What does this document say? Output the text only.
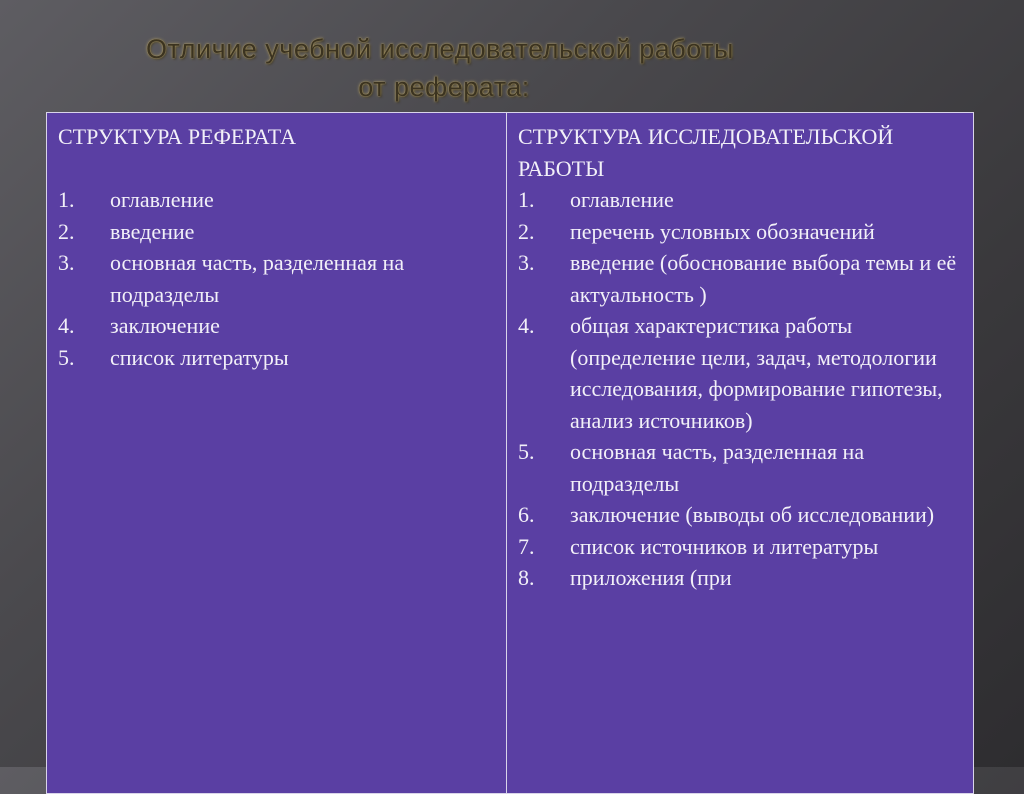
Отличие учебной исследовательской работы
от реферата:
СТРУКТУРА РЕФЕРАТА
1. оглавление
2. введение
3. основная часть, разделенная на подразделы
4. заключение
5. список литературы
СТРУКТУРА ИССЛЕДОВАТЕЛЬСКОЙ РАБОТЫ
1. оглавление
2. перечень условных обозначений
3. введение (обоснование выбора темы и её актуальность )
4. общая характеристика работы (определение цели, задач, методологии исследования, формирование гипотезы, анализ источников)
5. основная часть, разделенная на подразделы
6. заключение (выводы об исследовании)
7. список источников и литературы
8. приложения (при
